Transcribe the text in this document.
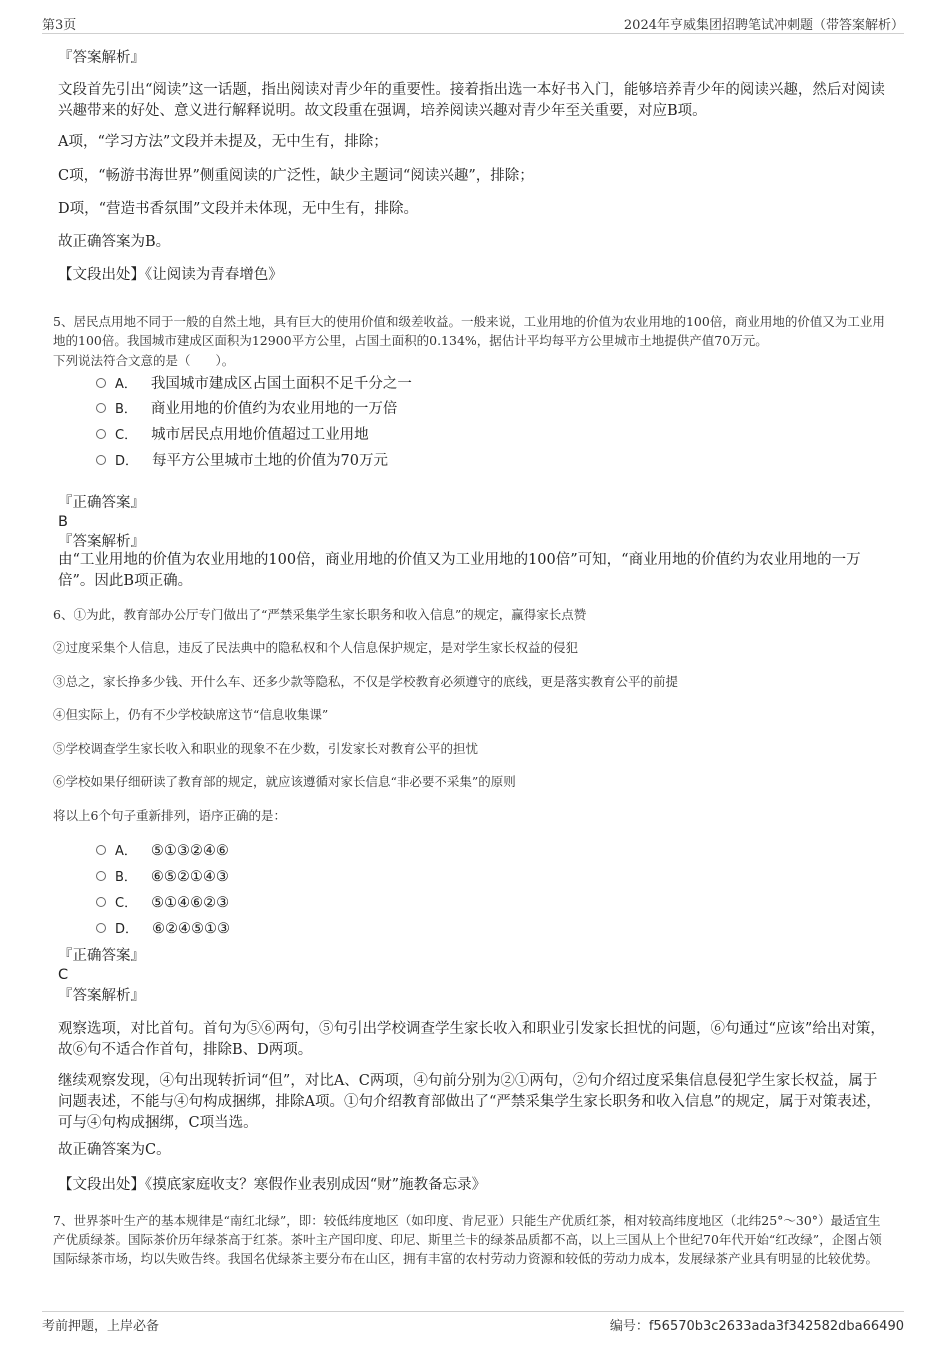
第3页	2024年亨威集团招聘笔试冲刺题（带答案解析）
『答案解析』
文段首先引出“阅读”这一话题，指出阅读对青少年的重要性。接着指出选一本好书入门，能够培养青少年的阅读兴趣，然后对阅读兴趣带来的好处、意义进行解释说明。故文段重在强调，培养阅读兴趣对青少年至关重要，对应B项。
A项，“学习方法”文段并未提及，无中生有，排除；
C项，“畅游书海世界”侧重阅读的广泛性，缺少主题词“阅读兴趣”，排除；
D项，“营造书香氛围”文段并未体现，无中生有，排除。
故正确答案为B。
【文段出处】《让阅读为青春增色》
5、居民点用地不同于一般的自然土地，具有巨大的使用价值和级差收益。一般来说，工业用地的价值为农业用地的100倍，商业用地的价值又为工业用地的100倍。我国城市建成区面积为12900平方公里，占国土面积的0.134%，据估计平均每平方公里城市土地提供产值70万元。
下列说法符合文意的是（　　）。
A． 我国城市建成区占国土面积不足千分之一
B． 商业用地的价值约为农业用地的一万倍
C． 城市居民点用地价值超过工业用地
D． 每平方公里城市土地的价值为70万元
『正确答案』
B
『答案解析』
由“工业用地的价值为农业用地的100倍，商业用地的价值又为工业用地的100倍”可知，“商业用地的价值约为农业用地的一万倍”。因此B项正确。
6、①为此，教育部办公厅专门做出了“严禁采集学生家长职务和收入信息”的规定，赢得家长点赞
②过度采集个人信息，违反了民法典中的隐私权和个人信息保护规定，是对学生家长权益的侵犯
③总之，家长挣多少钱、开什么车、还多少款等隐私，不仅是学校教育必须遵守的底线，更是落实教育公平的前提
④但实际上，仍有不少学校缺席这节“信息收集课”
⑤学校调查学生家长收入和职业的现象不在少数，引发家长对教育公平的担忧
⑥学校如果仔细研读了教育部的规定，就应该遵循对家长信息“非必要不采集”的原则
将以上6个句子重新排列，语序正确的是：
A． ⑤①③②④⑥
B． ⑥⑤②①④③
C． ⑤①④⑥②③
D． ⑥②④⑤①③
『正确答案』
C
『答案解析』
观察选项，对比首句。首句为⑤⑥两句，⑤句引出学校调查学生家长收入和职业引发家长担忧的问题，⑥句通过“应该”给出对策，故⑥句不适合作首句，排除B、D两项。
继续观察发现，④句出现转折词“但”，对比A、C两项，④句前分别为②①两句，②句介绍过度采集信息侵犯学生家长权益，属于问题表述，不能与④句构成捆绑，排除A项。①句介绍教育部做出了“严禁采集学生家长职务和收入信息”的规定，属于对策表述，可与④句构成捆绑，C项当选。
故正确答案为C。
【文段出处】《摸底家庭收支？寒假作业表别成因“财”施教备忘录》
7、世界茶叶生产的基本规律是“南红北绿”，即：较低纬度地区（如印度、肯尼亚）只能生产优质红茶，相对较高纬度地区（北纬25°～30°）最适宜生产优质绿茶。国际茶价历年绿茶高于红茶。茶叶主产国印度、印尼、斯里兰卡的绿茶品质都不高，以上三国从上个世纪70年代开始“红改绿”，企图占领国际绿茶市场，均以失败告终。我国名优绿茶主要分布在山区，拥有丰富的农村劳动力资源和较低的劳动力成本，发展绿茶产业具有明显的比较优势。
考前押题，上岸必备	编号：f56570b3c2633ada3f342582dba66490
